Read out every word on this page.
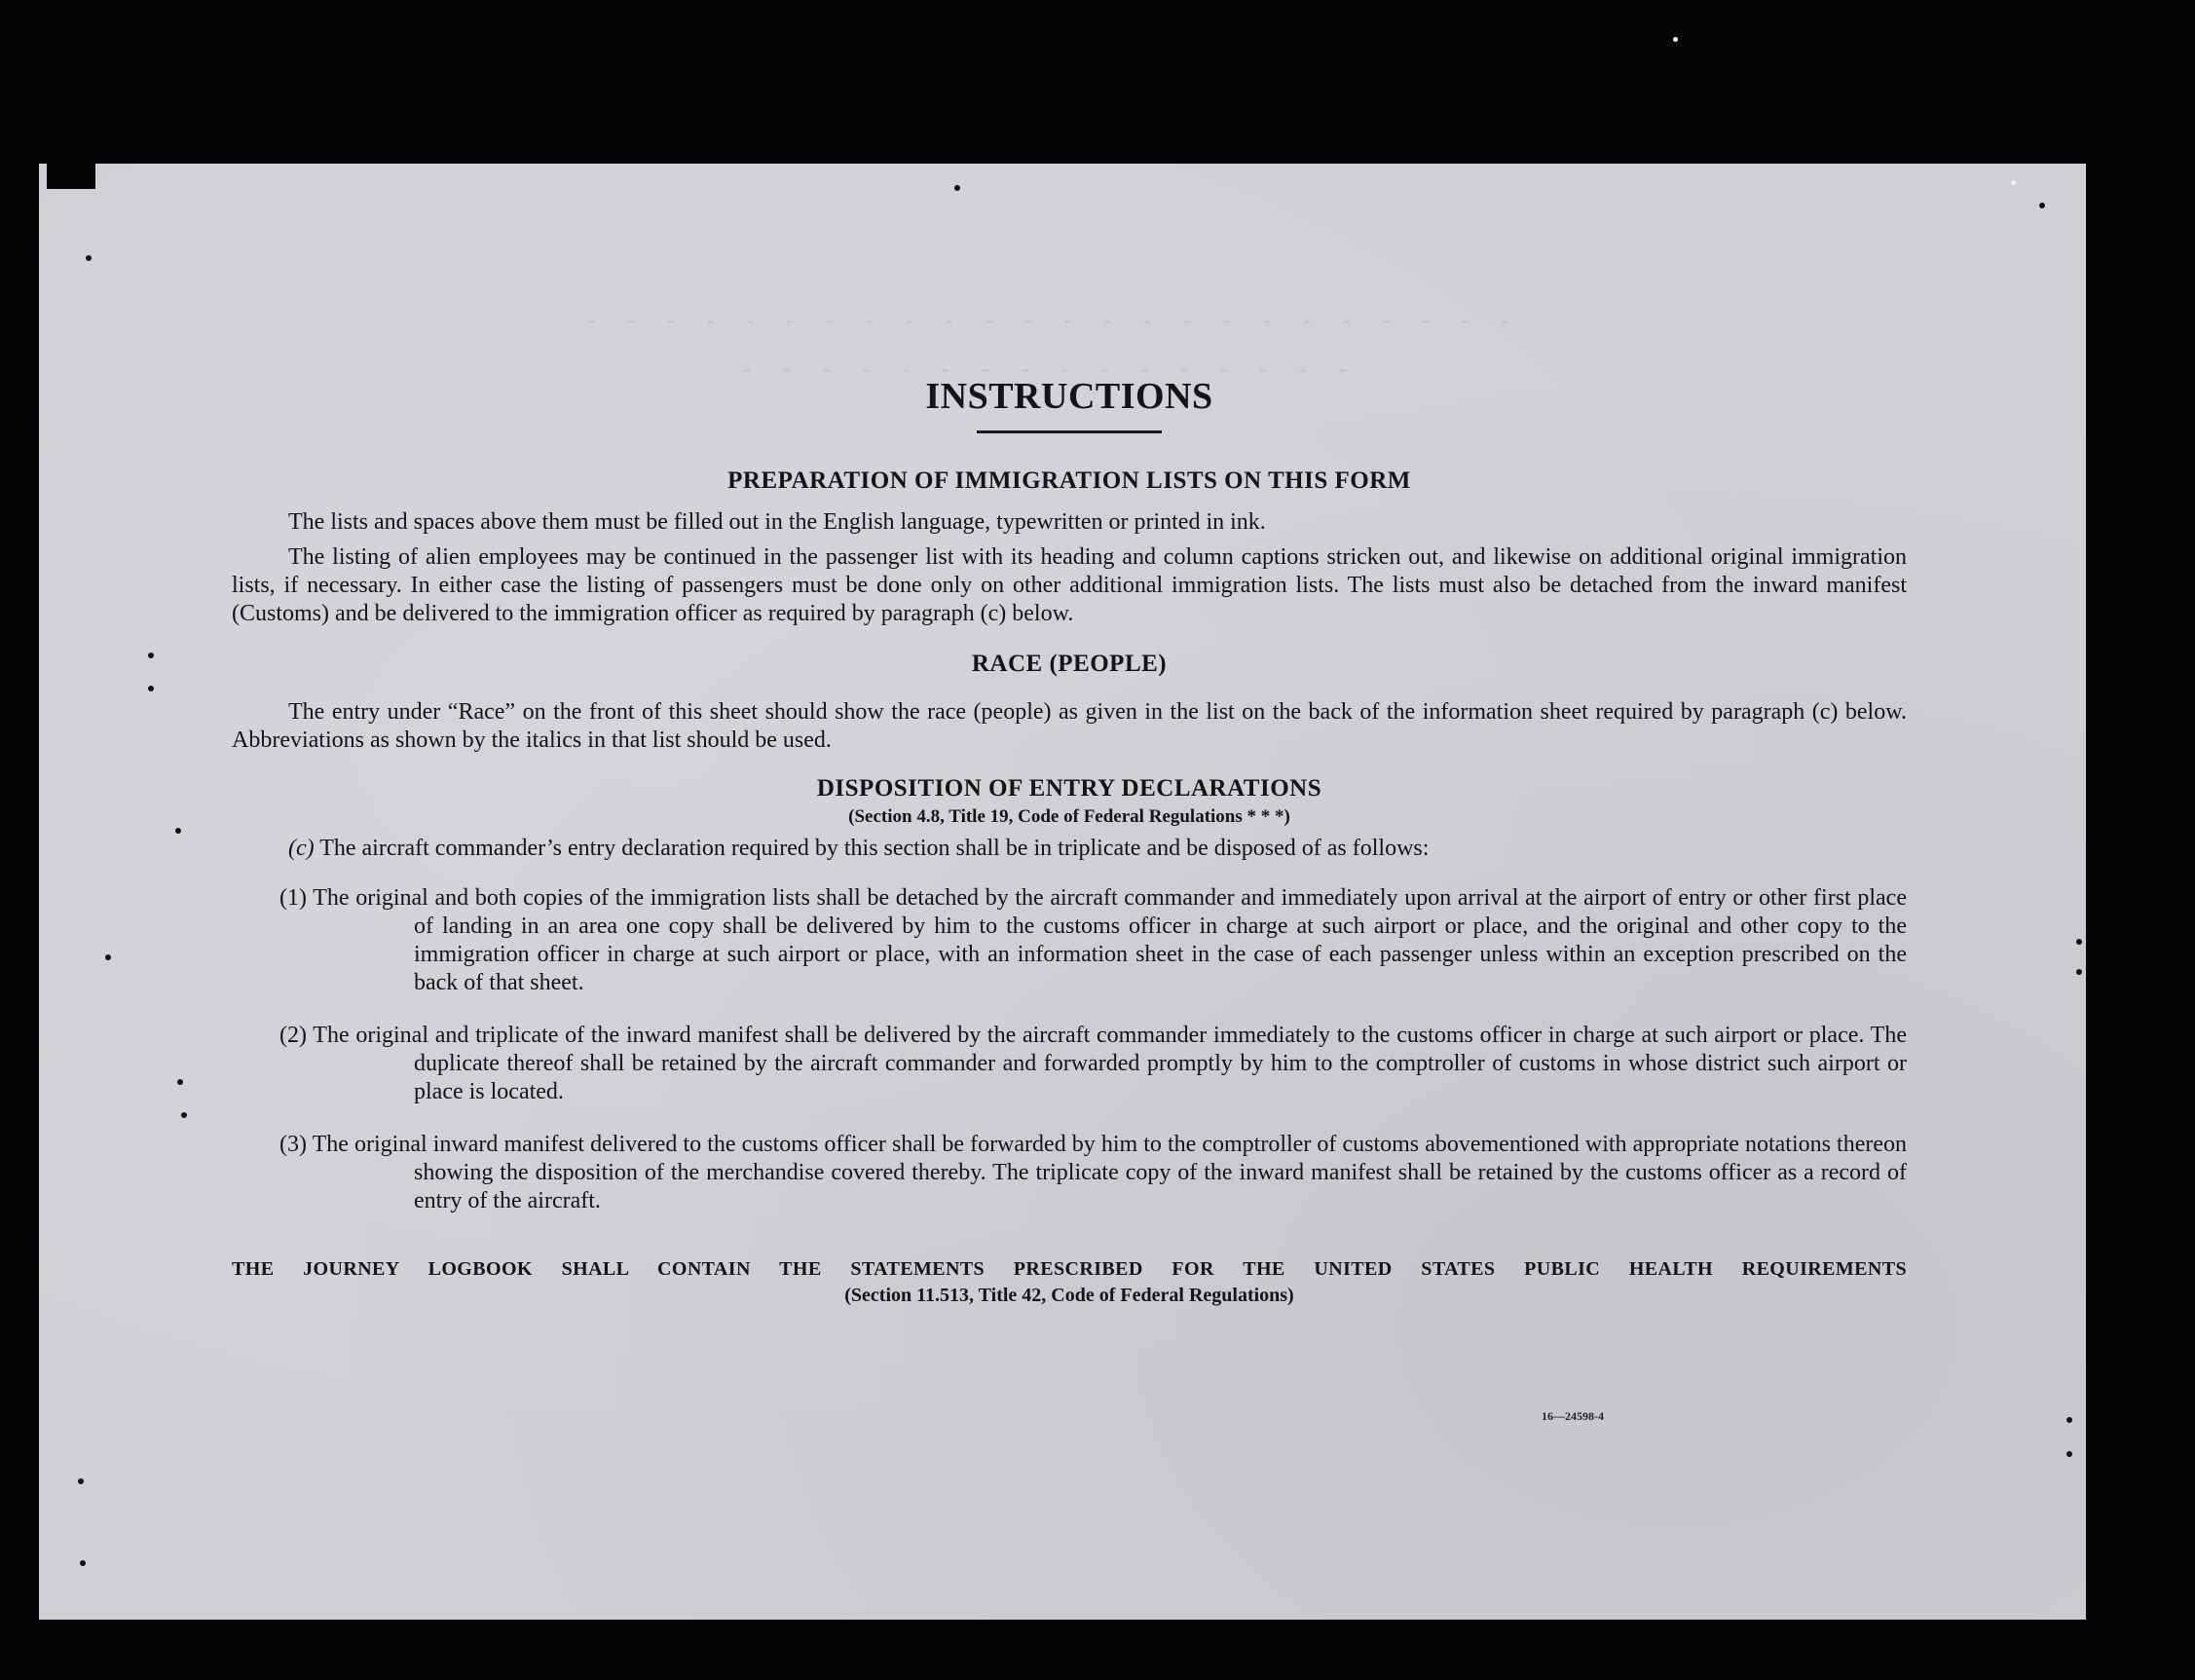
- - - - - - - - - - - - - - - - - - - - - - - -
- - - - - - - - - - - - - - - -
INSTRUCTIONS
PREPARATION OF IMMIGRATION LISTS ON THIS FORM

The lists and spaces above them must be filled out in the English language, typewritten or printed in ink.

The listing of alien employees may be continued in the passenger list with its heading and column captions stricken out, and likewise on additional original immigration lists, if necessary. In either case the listing of passengers must be done only on other additional immigration lists. The lists must also be detached from the inward manifest (Customs) and be delivered to the immigration officer as required by paragraph (c) below.

RACE (PEOPLE)

The entry under “Race” on the front of this sheet should show the race (people) as given in the list on the back of the information sheet required by paragraph (c) below. Abbreviations as shown by the italics in that list should be used.

DISPOSITION OF ENTRY DECLARATIONS
(Section 4.8, Title 19, Code of Federal Regulations * * *)

(c) The aircraft commander’s entry declaration required by this section shall be in triplicate and be disposed of as follows:

(1) The original and both copies of the immigration lists shall be detached by the aircraft commander and immediately upon arrival at the airport of entry or other first place of landing in an area one copy shall be delivered by him to the customs officer in charge at such airport or place, and the original and other copy to the immigration officer in charge at such airport or place, with an information sheet in the case of each passenger unless within an exception prescribed on the back of that sheet.

(2) The original and triplicate of the inward manifest shall be delivered by the aircraft commander immediately to the customs officer in charge at such airport or place. The duplicate thereof shall be retained by the aircraft commander and forwarded promptly by him to the comptroller of customs in whose district such airport or place is located.

(3) The original inward manifest delivered to the customs officer shall be forwarded by him to the comptroller of customs abovementioned with appropriate notations thereon showing the disposition of the merchandise covered thereby. The triplicate copy of the inward manifest shall be retained by the customs officer as a record of entry of the aircraft.

THE JOURNEY LOGBOOK SHALL CONTAIN THE STATEMENTS PRESCRIBED FOR THE UNITED STATES PUBLIC HEALTH REQUIREMENTS

(Section 11.513, Title 42, Code of Federal Regulations)
16—24598-4
